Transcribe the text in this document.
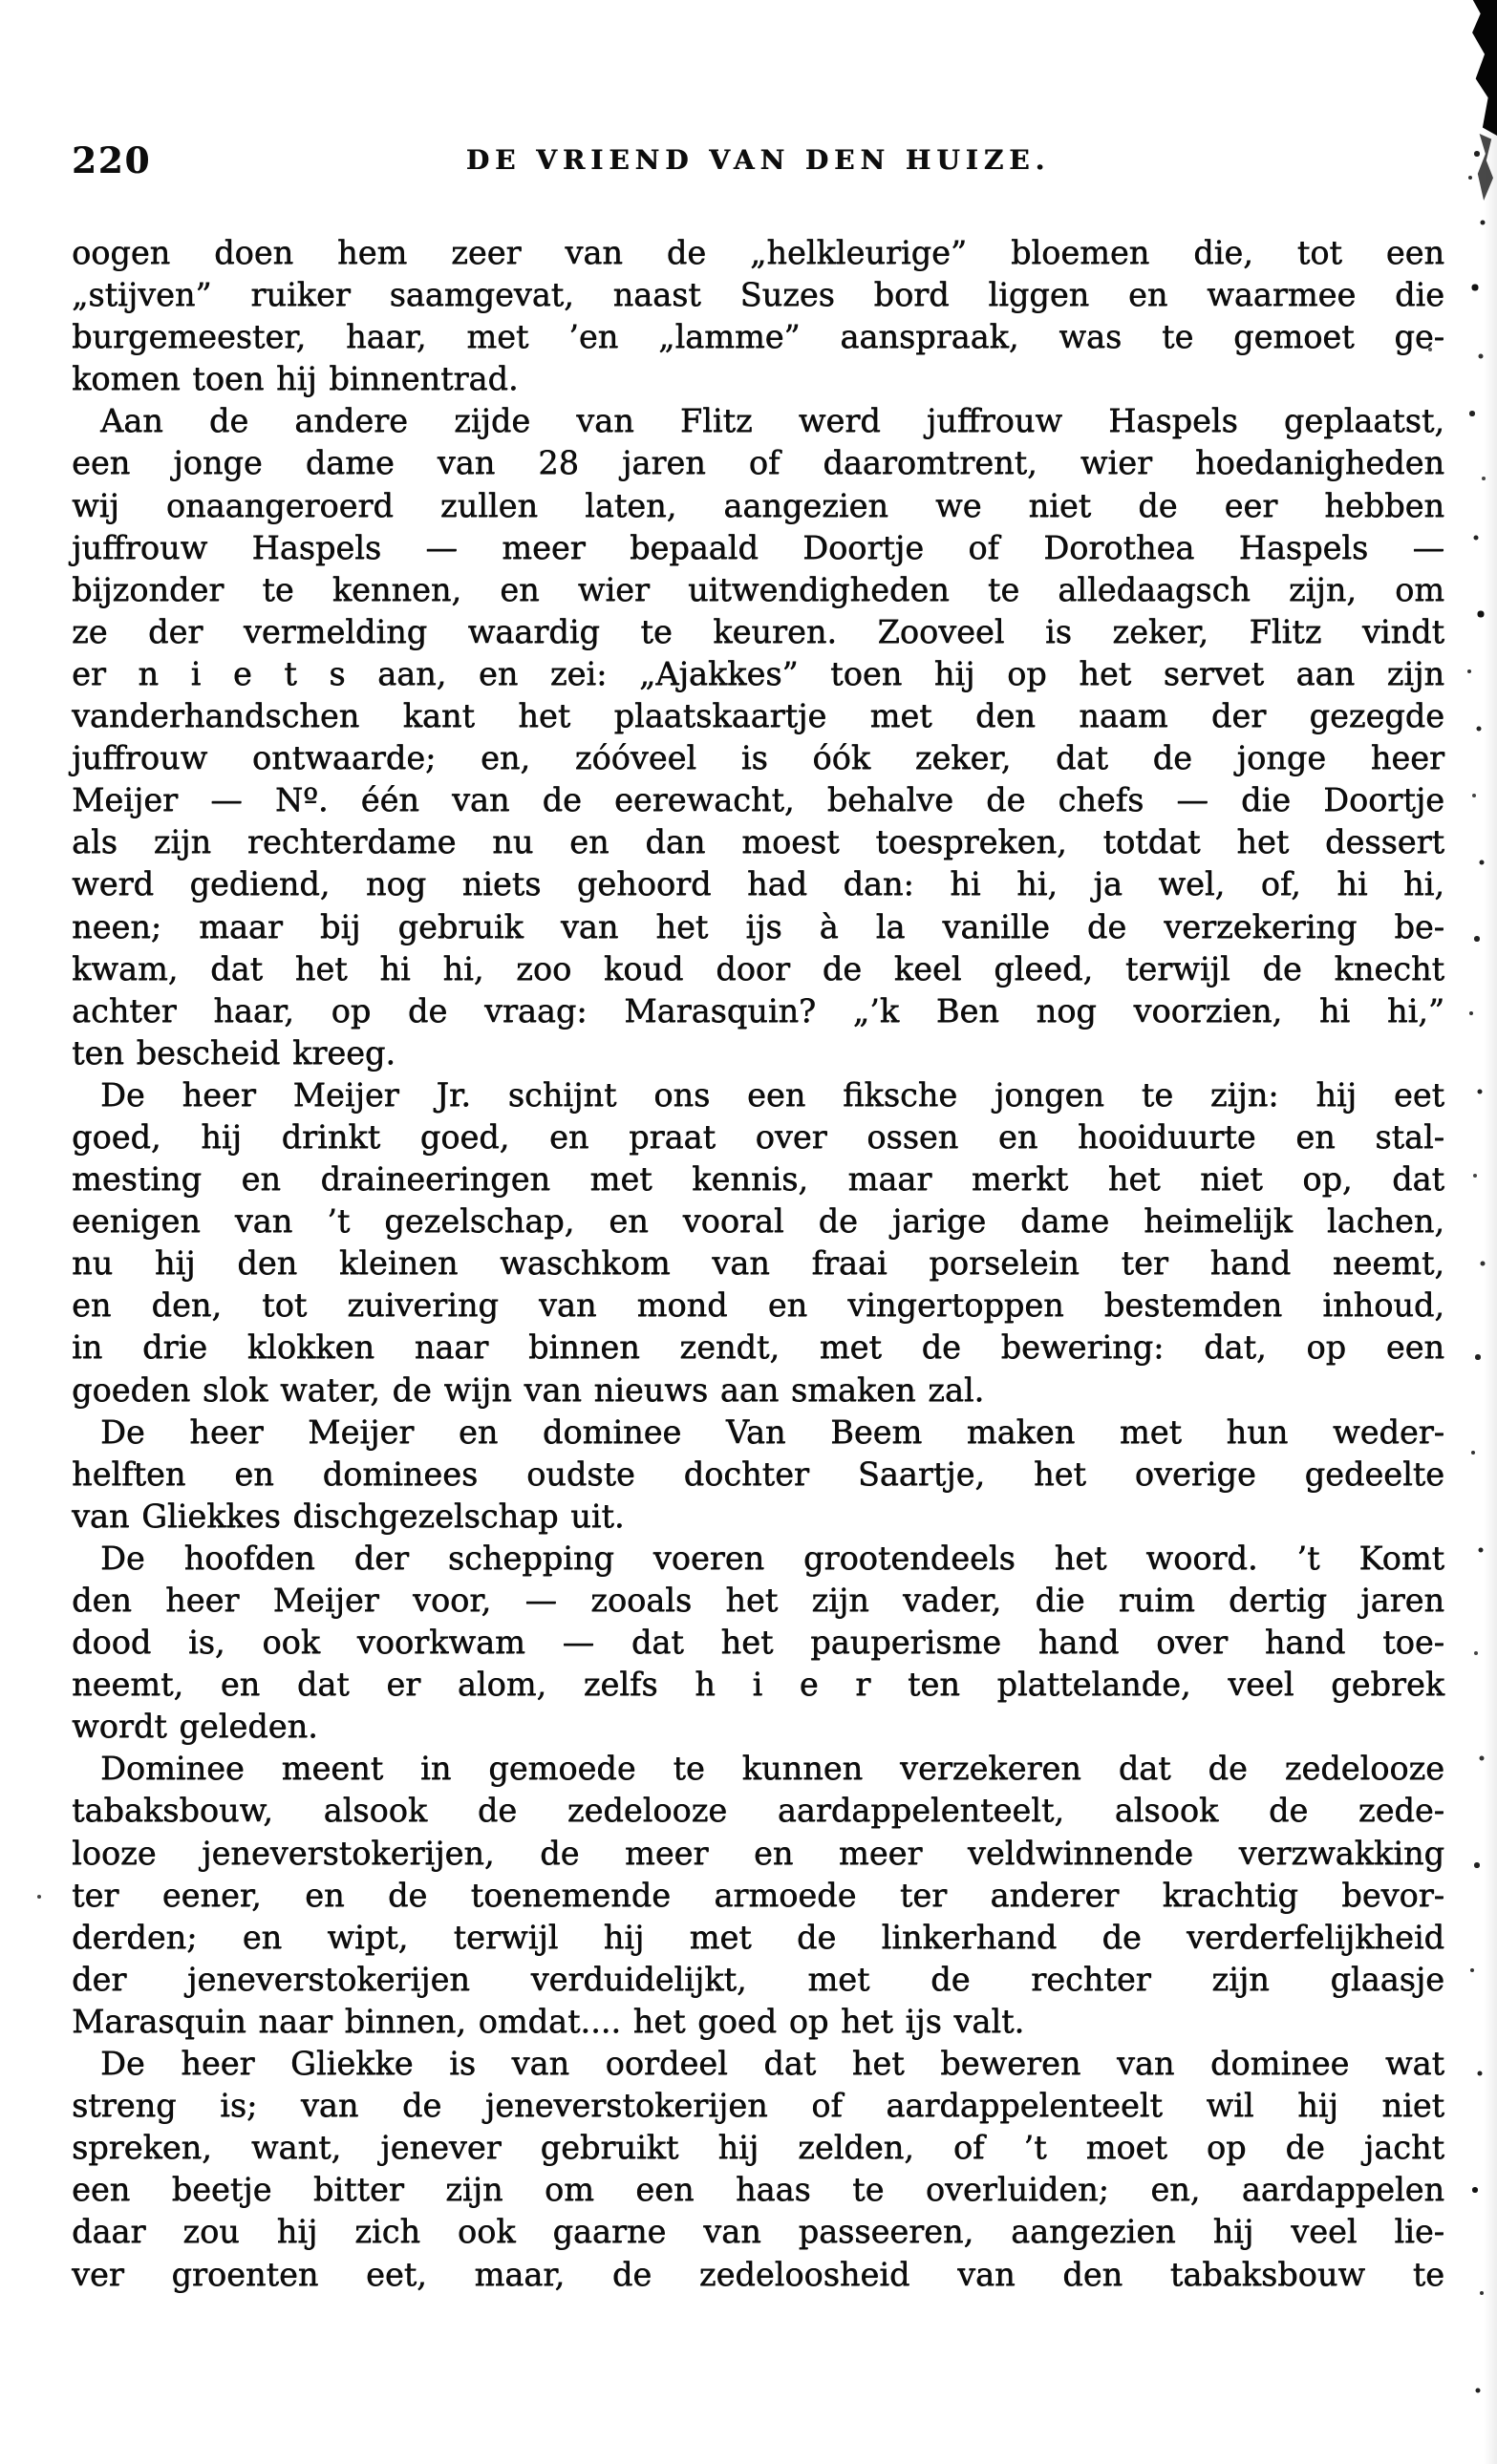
220	DE VRIEND VAN DEN HUIZE.
oogen doen hem zeer van de „helkleurige” bloemen die, tot een
„stijven” ruiker saamgevat, naast Suzes bord liggen en waarmee die
burgemeester, haar, met ’en „lamme” aanspraak, was te gemoet ge-
komen toen hij binnentrad.
Aan de andere zijde van Flitz werd juffrouw Haspels geplaatst,
een jonge dame van 28 jaren of daaromtrent, wier hoedanigheden
wij onaangeroerd zullen laten, aangezien we niet de eer hebben
juffrouw Haspels — meer bepaald Doortje of Dorothea Haspels —
bijzonder te kennen, en wier uitwendigheden te alledaagsch zijn, om
ze der vermelding waardig te keuren. Zooveel is zeker, Flitz vindt
er n i e t s aan, en zei: „Ajakkes” toen hij op het servet aan zijn
vanderhandschen kant het plaatskaartje met den naam der gezegde
juffrouw ontwaarde; en, zóóveel is óók zeker, dat de jonge heer
Meijer — Nº. één van de eerewacht, behalve de chefs — die Doortje
als zijn rechterdame nu en dan moest toespreken, totdat het dessert
werd gediend, nog niets gehoord had dan: hi hi, ja wel, of, hi hi,
neen; maar bij gebruik van het ijs à la vanille de verzekering be-
kwam, dat het hi hi, zoo koud door de keel gleed, terwijl de knecht
achter haar, op de vraag: Marasquin? „’k Ben nog voorzien, hi hi,”
ten bescheid kreeg.
De heer Meijer Jr. schijnt ons een fiksche jongen te zijn: hij eet
goed, hij drinkt goed, en praat over ossen en hooiduurte en stal-
mesting en draineeringen met kennis, maar merkt het niet op, dat
eenigen van ’t gezelschap, en vooral de jarige dame heimelijk lachen,
nu hij den kleinen waschkom van fraai porselein ter hand neemt,
en den, tot zuivering van mond en vingertoppen bestemden inhoud,
in drie klokken naar binnen zendt, met de bewering: dat, op een
goeden slok water, de wijn van nieuws aan smaken zal.
De heer Meijer en dominee Van Beem maken met hun weder-
helften en dominees oudste dochter Saartje, het overige gedeelte
van Gliekkes dischgezelschap uit.
De hoofden der schepping voeren grootendeels het woord. ’t Komt
den heer Meijer voor, — zooals het zijn vader, die ruim dertig jaren
dood is, ook voorkwam — dat het pauperisme hand over hand toe-
neemt, en dat er alom, zelfs h i e r ten plattelande, veel gebrek
wordt geleden.
Dominee meent in gemoede te kunnen verzekeren dat de zedelooze
tabaksbouw, alsook de zedelooze aardappelenteelt, alsook de zede-
looze jeneverstokerijen, de meer en meer veldwinnende verzwakking
ter eener, en de toenemende armoede ter anderer krachtig bevor-
derden; en wipt, terwijl hij met de linkerhand de verderfelijkheid
der jeneverstokerijen verduidelijkt, met de rechter zijn glaasje
Marasquin naar binnen, omdat.... het goed op het ijs valt.
De heer Gliekke is van oordeel dat het beweren van dominee wat
streng is; van de jeneverstokerijen of aardappelenteelt wil hij niet
spreken, want, jenever gebruikt hij zelden, of ’t moet op de jacht
een beetje bitter zijn om een haas te overluiden; en, aardappelen
daar zou hij zich ook gaarne van passeeren, aangezien hij veel lie-
ver groenten eet, maar, de zedeloosheid van den tabaksbouw te
